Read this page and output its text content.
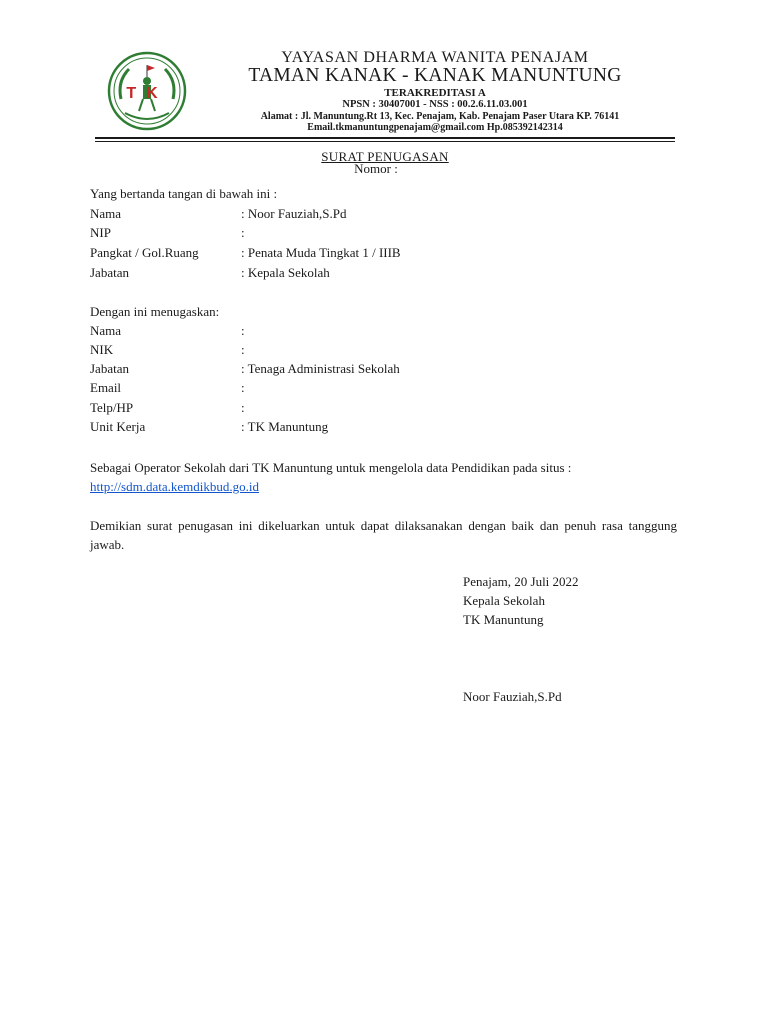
TK
YAYASAN DHARMA WANITA PENAJAM
TAMAN KANAK - KANAK MANUNTUNG
TERAKREDITASI A
NPSN : 30407001 - NSS : 00.2.6.11.03.001
Alamat : Jl. Manuntung.Rt 13, Kec. Penajam, Kab. Penajam Paser Utara KP. 76141
Email.tkmanuntungpenajam@gmail.com Hp.085392142314
SURAT PENUGASAN
Nomor :
Yang bertanda tangan di bawah ini :
Nama	: Noor Fauziah,S.Pd
NIP	:
Pangkat / Gol.Ruang	: Penata Muda Tingkat 1 / IIIB
Jabatan	: Kepala Sekolah
Dengan ini menugaskan:
Nama	:
NIK	:
Jabatan	: Tenaga Administrasi Sekolah
Email	:
Telp/HP	:
Unit Kerja	: TK Manuntung
Sebagai Operator Sekolah dari TK Manuntung untuk mengelola data Pendidikan pada situs :
http://sdm.data.kemdikbud.go.id
Demikian surat penugasan ini dikeluarkan untuk dapat dilaksanakan dengan baik dan penuh rasa tanggung jawab.
Penajam, 20 Juli 2022
Kepala Sekolah
TK Manuntung
Noor Fauziah,S.Pd
